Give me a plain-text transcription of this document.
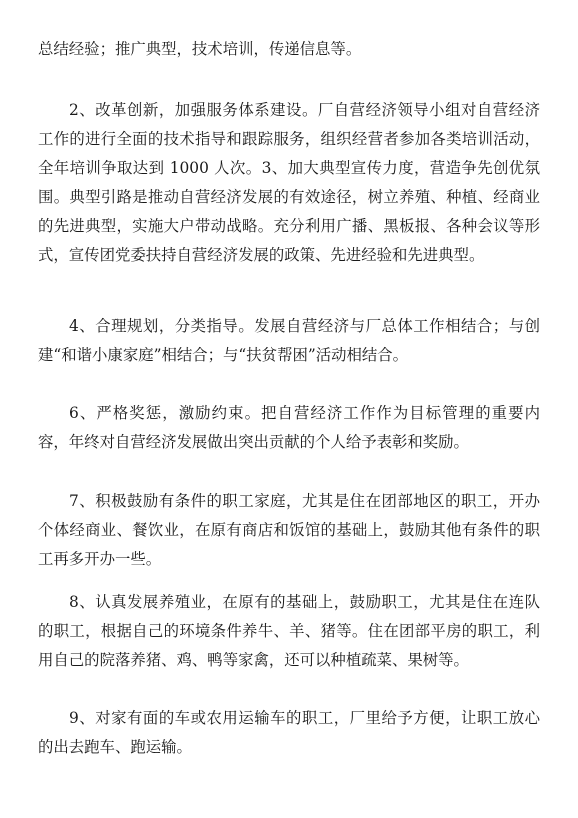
总结经验；推广典型，技术培训，传递信息等。

2、改革创新，加强服务体系建设。厂自营经济领导小组对自营经济工作的进行全面的技术指导和跟踪服务，组织经营者参加各类培训活动，全年培训争取达到 1000 人次。3、加大典型宣传力度，营造争先创优氛围。典型引路是推动自营经济发展的有效途径，树立养殖、种植、经商业的先进典型，实施大户带动战略。充分利用广播、黑板报、各种会议等形式，宣传团党委扶持自营经济发展的政策、先进经验和先进典型。

4、合理规划，分类指导。发展自营经济与厂总体工作相结合；与创建“和谐小康家庭”相结合；与“扶贫帮困”活动相结合。

6、严格奖惩，激励约束。把自营经济工作作为目标管理的重要内容，年终对自营经济发展做出突出贡献的个人给予表彰和奖励。

7、积极鼓励有条件的职工家庭，尤其是住在团部地区的职工，开办个体经商业、餐饮业，在原有商店和饭馆的基础上，鼓励其他有条件的职工再多开办一些。

8、认真发展养殖业，在原有的基础上，鼓励职工，尤其是住在连队的职工，根据自己的环境条件养牛、羊、猪等。住在团部平房的职工，利用自己的院落养猪、鸡、鸭等家禽，还可以种植疏菜、果树等。

9、对家有面的车或农用运输车的职工，厂里给予方便，让职工放心的出去跑车、跑运输。
